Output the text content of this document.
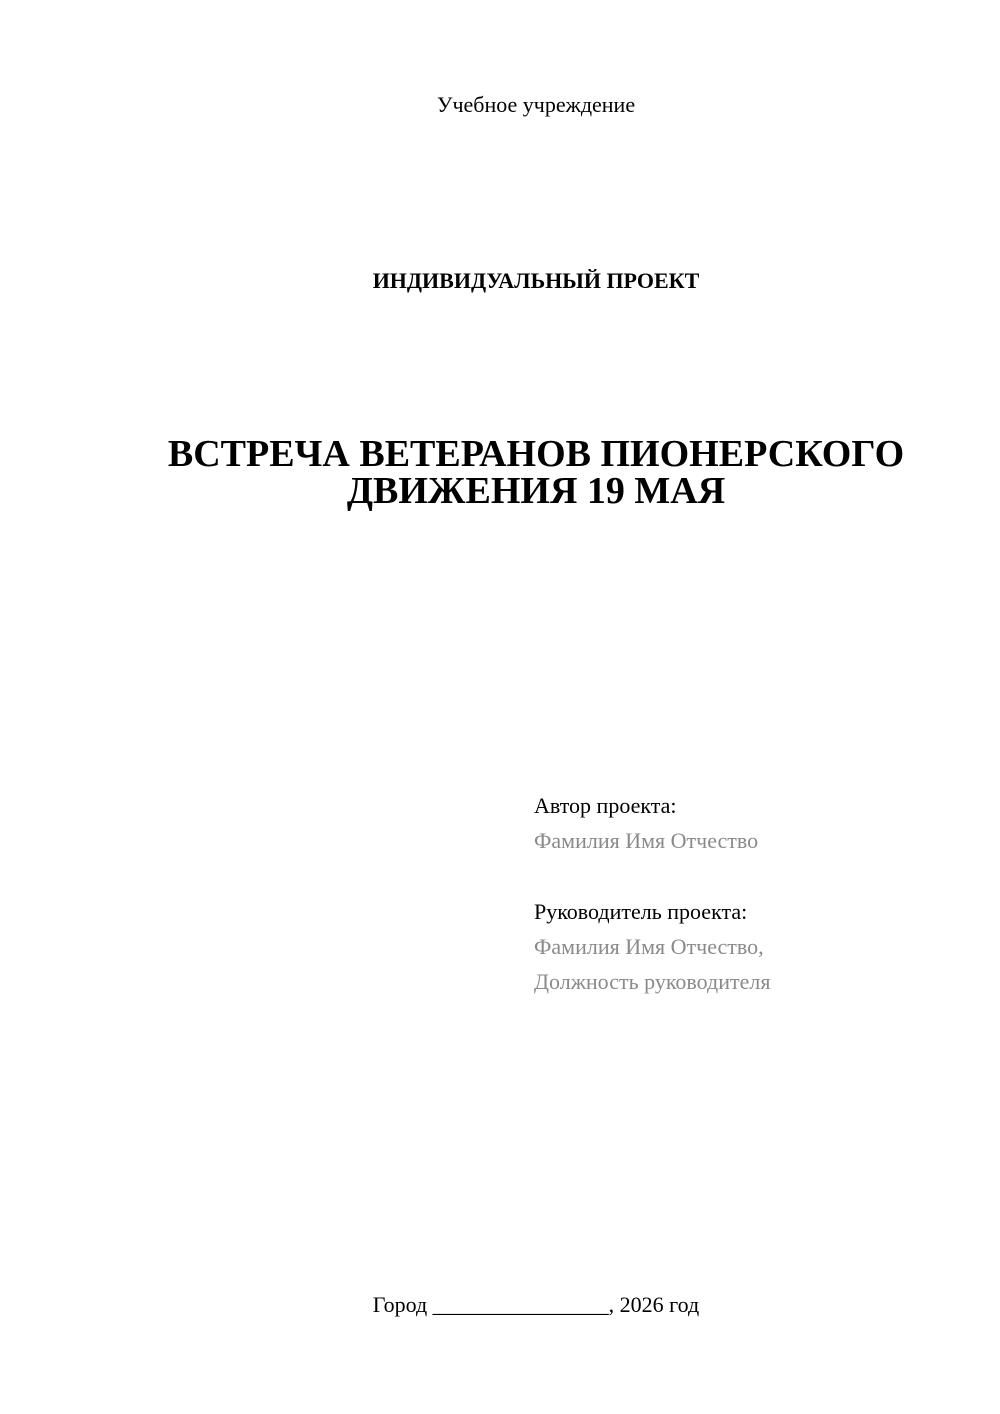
Учебное учреждение
ИНДИВИДУАЛЬНЫЙ ПРОЕКТ
ВСТРЕЧА ВЕТЕРАНОВ ПИОНЕРСКОГО
ДВИЖЕНИЯ 19 МАЯ
Автор проекта:
Фамилия Имя Отчество
Руководитель проекта:
Фамилия Имя Отчество,
Должность руководителя
Город ________________, 2026 год
